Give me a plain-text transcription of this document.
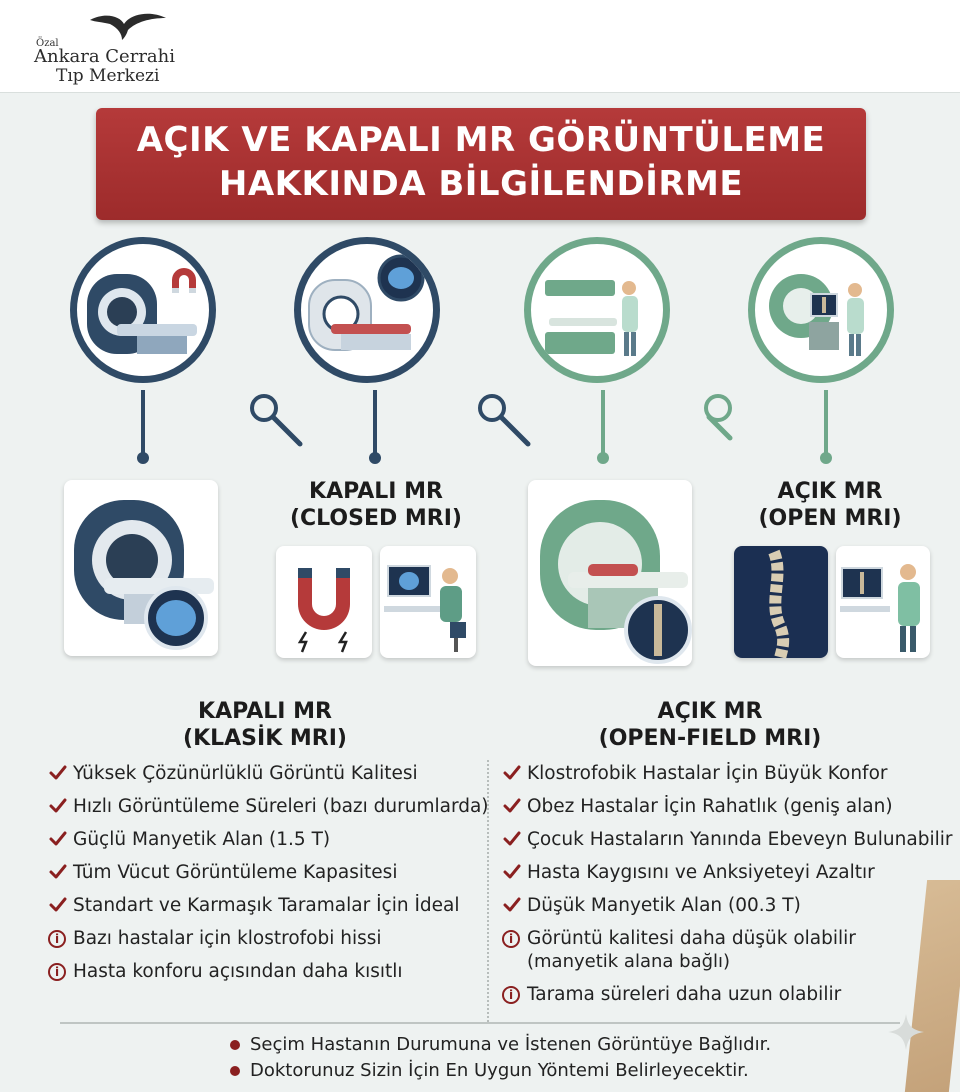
Özal
Ankara Cerrahi
Tıp Merkezi
AÇIK VE KAPALI MR GÖRÜNTÜLEME
HAKKINDA BİLGİLENDİRME
KAPALI MR
(CLOSED MRI)
AÇIK MR
(OPEN MRI)
KAPALI MR
(KLASİK MRI)
AÇIK MR
(OPEN-FIELD MRI)
Yüksek Çözünürlüklü Görüntü Kalitesi
Hızlı Görüntüleme Süreleri (bazı durumlarda)
Güçlü Manyetik Alan (1.5 T)
Tüm Vücut Görüntüleme Kapasitesi
Standart ve Karmaşık Taramalar İçin İdeal
i Bazı hastalar için klostrofobi hissi
i Hasta konforu açısından daha kısıtlı
Klostrofobik Hastalar İçin Büyük Konfor
Obez Hastalar İçin Rahatlık (geniş alan)
Çocuk Hastaların Yanında Ebeveyn Bulunabilir
Hasta Kaygısını ve Anksiyeteyi Azaltır
Düşük Manyetik Alan (00.3 T)
i Görüntü kalitesi daha düşük olabilir
(manyetik alana bağlı)
i Tarama süreleri daha uzun olabilir
Seçim Hastanın Durumuna ve İstenen Görüntüye Bağlıdır.
Doktorunuz Sizin İçin En Uygun Yöntemi Belirleyecektir.
